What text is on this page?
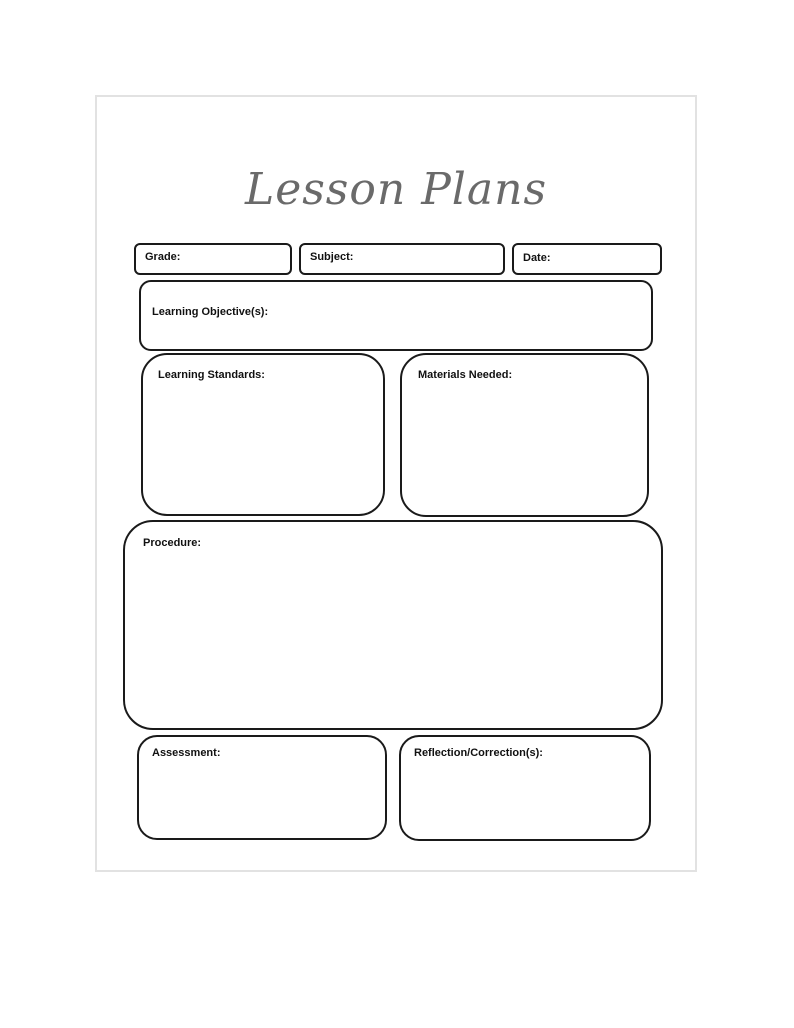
Lesson Plans
Grade:	Subject:	Date:
Learning Objective(s):
Learning Standards:	Materials Needed:
Procedure:
Assessment:	Reflection/Correction(s):
